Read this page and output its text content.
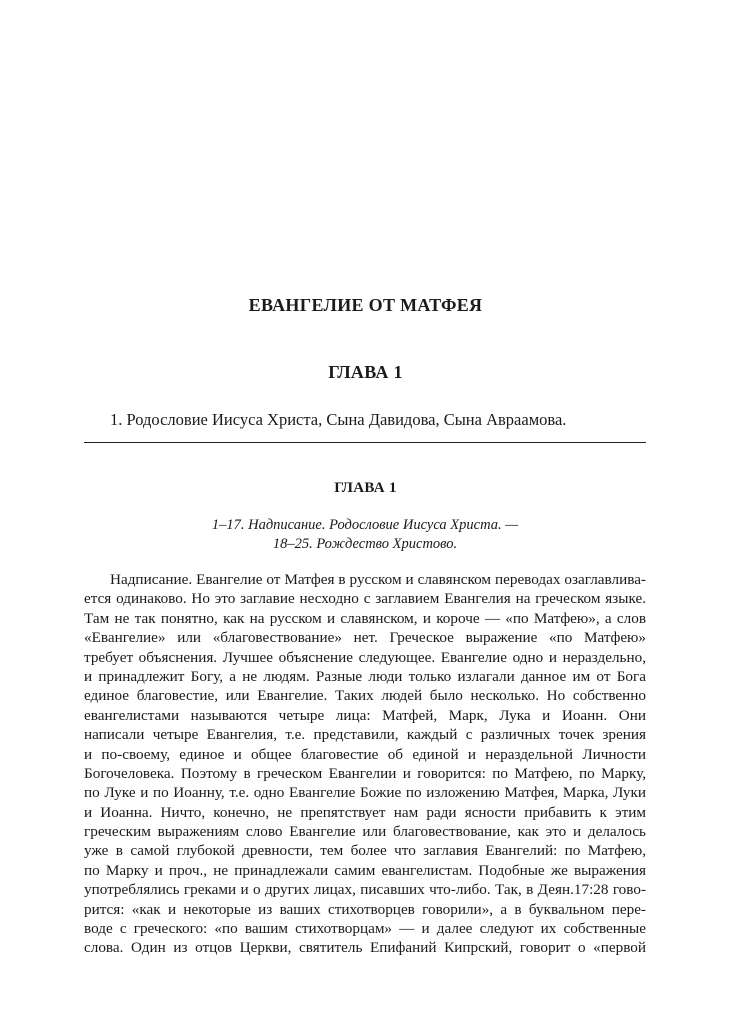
ЕВАНГЕЛИЕ ОТ МАТФЕЯ
ГЛАВА 1
1. Родословие Иисуса Христа, Сына Давидова, Сына Авраамова.
ГЛАВА 1
1–17. Надписание. Родословие Иисуса Христа. —
18–25. Рождество Христово.
Надписание. Евангелие от Матфея в русском и славянском переводах озаглавлива-
ется одинаково. Но это заглавие несходно с заглавием Евангелия на греческом языке.
Там не так понятно, как на русском и славянском, и короче — «по Матфею», а слов
«Евангелие» или «благовествование» нет. Греческое выражение «по Матфею»
требует объяснения. Лучшее объяснение следующее. Евангелие одно и нераздельно,
и принадлежит Богу, а не людям. Разные люди только излагали данное им от Бога
единое благовестие, или Евангелие. Таких людей было несколько. Но собственно
евангелистами называются четыре лица: Матфей, Марк, Лука и Иоанн. Они
написали четыре Евангелия, т.е. представили, каждый с различных точек зрения
и по-своему, единое и общее благовестие об единой и нераздельной Личности
Богочеловека. Поэтому в греческом Евангелии и говорится: по Матфею, по Марку,
по Луке и по Иоанну, т.е. одно Евангелие Божие по изложению Матфея, Марка, Луки
и Иоанна. Ничто, конечно, не препятствует нам ради ясности прибавить к этим
греческим выражениям слово Евангелие или благовествование, как это и делалось
уже в самой глубокой древности, тем более что заглавия Евангелий: по Матфею,
по Марку и проч., не принадлежали самим евангелистам. Подобные же выражения
употреблялись греками и о других лицах, писавших что-либо. Так, в Деян.17:28 гово-
рится: «как и некоторые из ваших стихотворцев говорили», а в буквальном пере-
воде с греческого: «по вашим стихотворцам» — и далее следуют их собственные
слова. Один из отцов Церкви, святитель Епифаний Кипрский, говорит о «первой
